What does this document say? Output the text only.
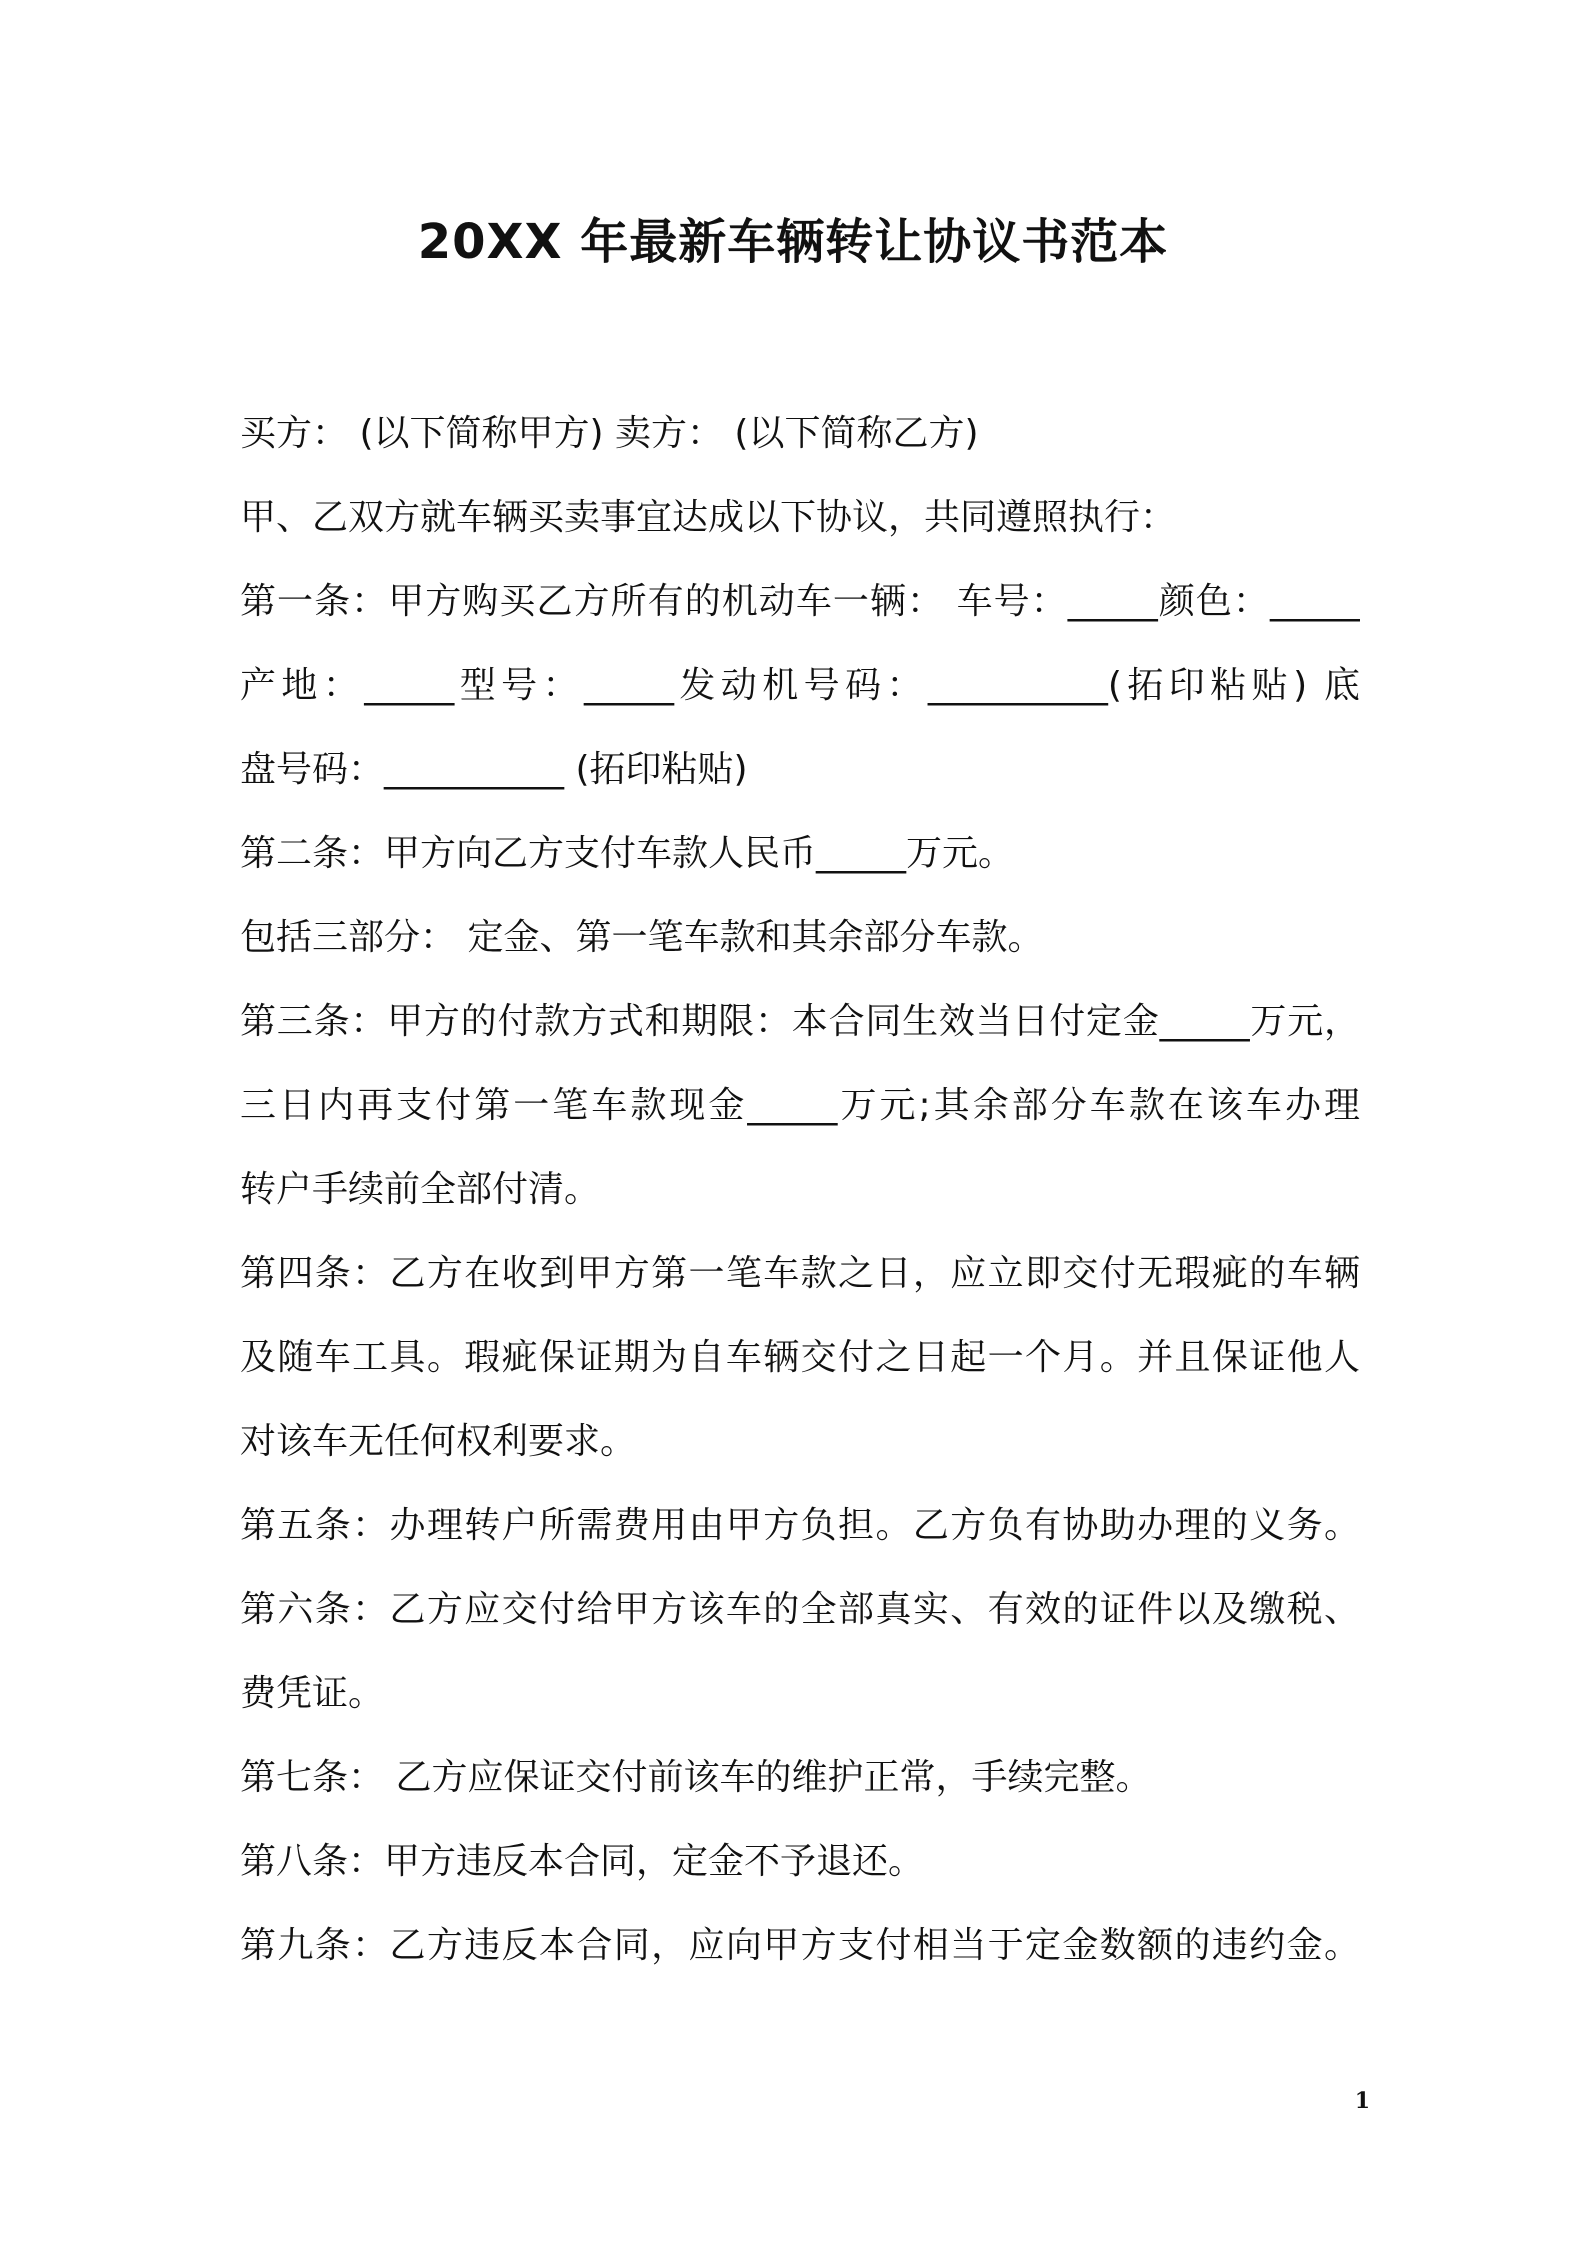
20XX 年最新车辆转让协议书范本
买方： (以下简称甲方) 卖方： (以下简称乙方)
甲、乙双方就车辆买卖事宜达成以下协议，共同遵照执行：
第一条：甲方购买乙方所有的机动车一辆： 车号：_____颜色：_____
产地：_____型号：_____发动机号码：__________(拓印粘贴) 底
盘号码：__________ (拓印粘贴)
第二条：甲方向乙方支付车款人民币_____万元。
包括三部分： 定金、第一笔车款和其余部分车款。
第三条：甲方的付款方式和期限：本合同生效当日付定金_____万元，
三日内再支付第一笔车款现金_____万元;其余部分车款在该车办理
转户手续前全部付清。
第四条：乙方在收到甲方第一笔车款之日，应立即交付无瑕疵的车辆
及随车工具。瑕疵保证期为自车辆交付之日起一个月。并且保证他人
对该车无任何权利要求。
第五条：办理转户所需费用由甲方负担。乙方负有协助办理的义务。
第六条：乙方应交付给甲方该车的全部真实、有效的证件以及缴税、
费凭证。
第七条： 乙方应保证交付前该车的维护正常，手续完整。
第八条：甲方违反本合同，定金不予退还。
第九条：乙方违反本合同，应向甲方支付相当于定金数额的违约金。
1
